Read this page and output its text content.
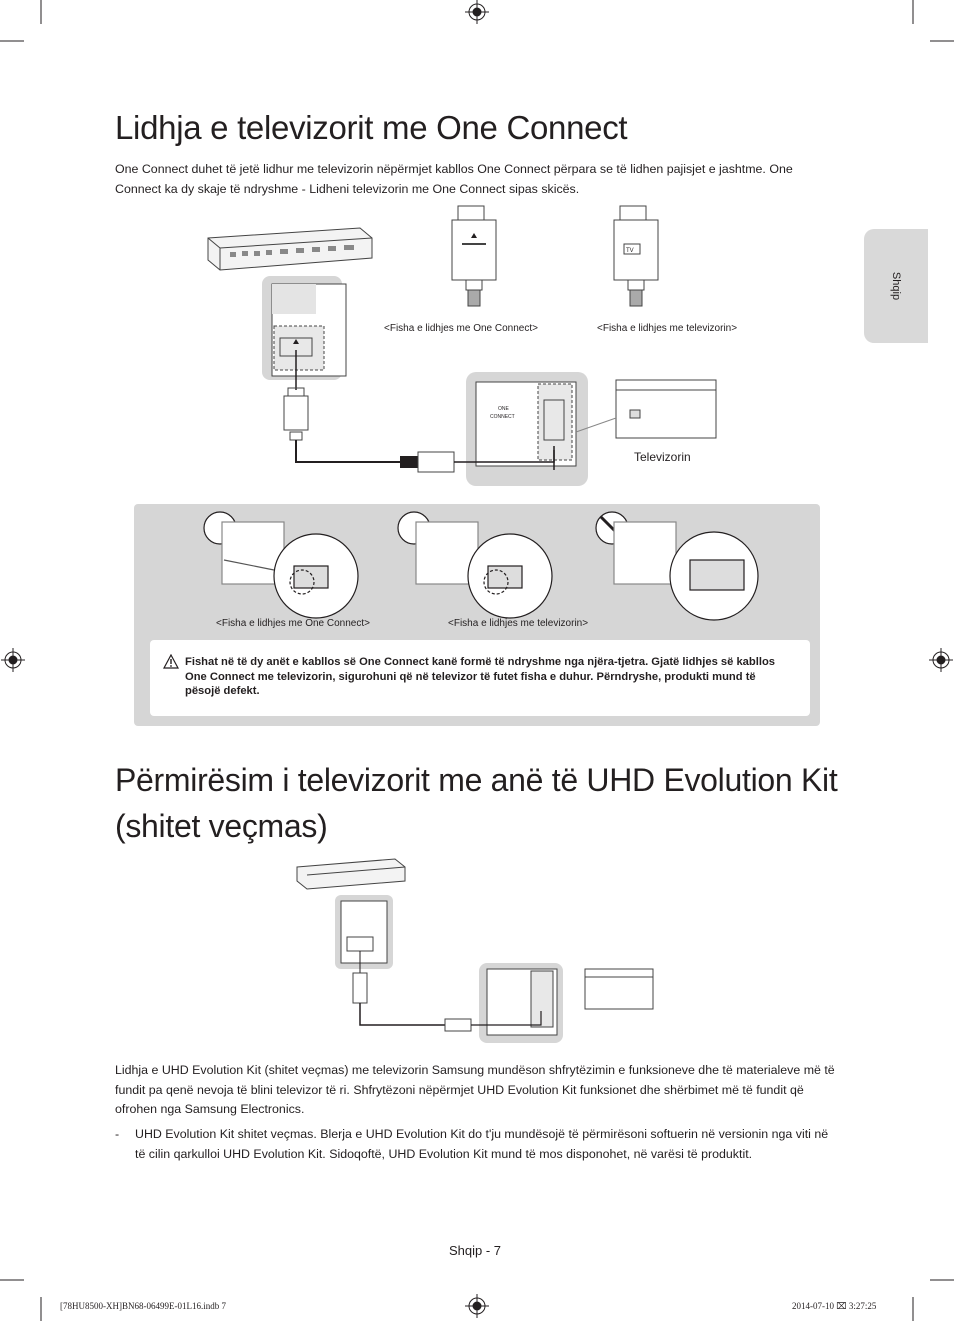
Shqip
Lidhja e televizorit me One Connect
One Connect duhet të jetë lidhur me televizorin nëpërmjet kabllos One Connect përpara se të lidhen pajisjet e jashtme. One Connect ka dy skaje të ndryshme - Lidheni televizorin me One Connect sipas skicës.
ONE
CONNECT
TV
<Fisha e lidhjes me One Connect>	<Fisha e lidhjes me televizorin>
Televizorin
<Fisha e lidhjes me One Connect>	<Fisha e lidhjes me televizorin>
Fishat në të dy anët e kabllos së One Connect kanë formë të ndryshme nga njëra-tjetra. Gjatë lidhjes së kabllos One Connect me televizorin, sigurohuni që në televizor të futet fisha e duhur. Përndryshe, produkti mund të pësojë defekt.
Përmirësim i televizorit me anë të UHD Evolution Kit (shitet veçmas)
Lidhja e UHD Evolution Kit (shitet veçmas) me televizorin Samsung mundëson shfrytëzimin e funksioneve dhe të materialeve më të fundit pa qenë nevoja të blini televizor të ri. Shfrytëzoni nëpërmjet UHD Evolution Kit funksionet dhe shërbimet më të fundit që ofrohen nga Samsung Electronics.
-	UHD Evolution Kit shitet veçmas. Blerja e UHD Evolution Kit do t'ju mundësojë të përmirësoni softuerin në versionin nga viti në të cilin qarkulloi UHD Evolution Kit. Sidoqoftë, UHD Evolution Kit mund të mos disponohet, në varësi të produktit.
Shqip - 7
[78HU8500-XH]BN68-06499E-01L16.indb 7	2014-07-10 ⌧ 3:27:25
